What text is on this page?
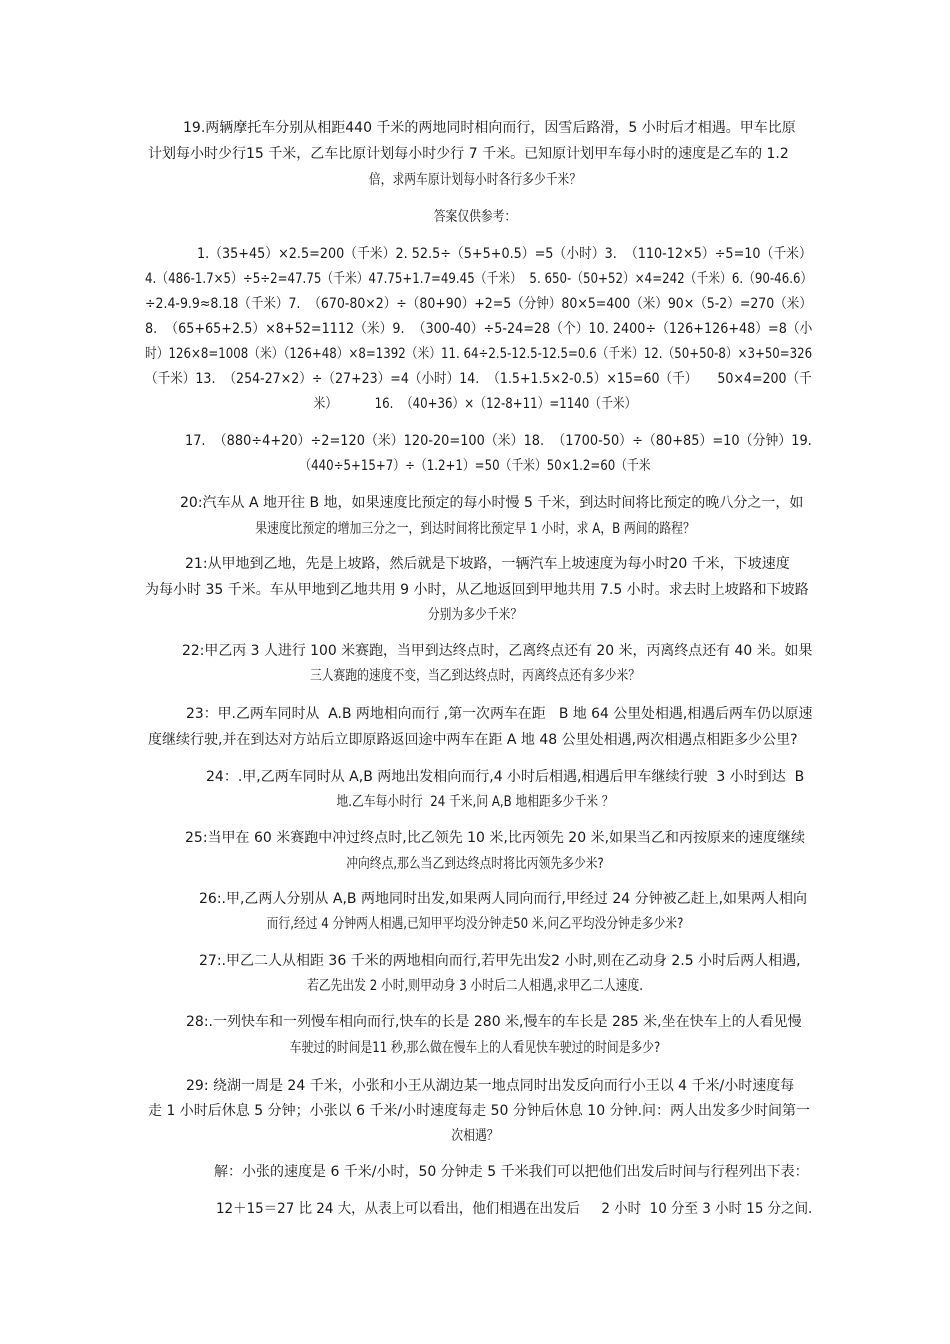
19.两辆摩托车分别从相距440 千米的两地同时相向而行，因雪后路滑，5 小时后才相遇。甲车比原
计划每小时少行15 千米，乙车比原计划每小时少行 7 千米。已知原计划甲车每小时的速度是乙车的 1.2
倍，求两车原计划每小时各行多少千米？
答案仅供参考：
1.（35+45）×2.5=200（千米）2. 52.5÷（5+5+0.5）=5（小时）3.  （110-12×5）÷5=10（千米）
4.（486-1.7×5）÷5÷2=47.75（千米）47.75+1.7=49.45（千米）  5. 650-（50+52）×4=242（千米）6.（90-46.6）
÷2.4-9.9≈8.18（千米）7.  （670-80×2）÷（80+90）+2=5（分钟）80×5=400（米）90×（5-2）=270（米）
8.  （65+65+2.5）×8+52=1112（米）9.  （300-40）÷5-24=28（个）10. 2400÷（126+126+48）=8（小
时）126×8=1008（米）（126+48）×8=1392（米）11. 64÷2.5-12.5-12.5=0.6（千米）12.（50+50-8）×3+50=326
（千米）13.  （254-27×2）÷（27+23）=4（小时）14.  （1.5+1.5×2-0.5）×15=60（千）     50×4=200（千
米）          16.  （40+36）×（12-8+11）=1140（千米）
17.  （880÷4+20）÷2=120（米）120-20=100（米）18.  （1700-50）÷（80+85）=10（分钟）19.
（440÷5+15+7）÷（1.2+1）=50（千米）50×1.2=60（千米
20:汽车从 A 地开往 B 地，如果速度比预定的每小时慢 5 千米，到达时间将比预定的晚八分之一，如
果速度比预定的增加三分之一，到达时间将比预定早 1 小时，求 A，B 两间的路程？
21:从甲地到乙地，先是上坡路，然后就是下坡路，一辆汽车上坡速度为每小时20 千米，下坡速度
为每小时 35 千米。车从甲地到乙地共用 9 小时，从乙地返回到甲地共用 7.5 小时。求去时上坡路和下坡路
分别为多少千米？
22:甲乙丙 3 人进行 100 米赛跑，当甲到达终点时，乙离终点还有 20 米，丙离终点还有 40 米。如果
三人赛跑的速度不变，当乙到达终点时，丙离终点还有多少米？
23：甲.乙两车同时从  A.B 两地相向而行 ,第一次两车在距   B 地 64 公里处相遇,相遇后两车仍以原速
度继续行驶,并在到达对方站后立即原路返回途中两车在距 A 地 48 公里处相遇,两次相遇点相距多少公里?
24：.甲,乙两车同时从 A,B 两地出发相向而行,4 小时后相遇,相遇后甲车继续行驶  3 小时到达  B
地.乙车每小时行  24 千米,问 A,B 地相距多少千米 ？
25:当甲在 60 米赛跑中冲过终点时,比乙领先 10 米,比丙领先 20 米,如果当乙和丙按原来的速度继续
冲向终点,那么当乙到达终点时将比丙领先多少米?
26:.甲,乙两人分别从 A,B 两地同时出发,如果两人同向而行,甲经过 24 分钟被乙赶上,如果两人相向
而行,经过 4 分钟两人相遇,已知甲平均没分钟走50 米,问乙平均没分钟走多少米?
27:.甲乙二人从相距 36 千米的两地相向而行,若甲先出发2 小时,则在乙动身 2.5 小时后两人相遇,
若乙先出发 2 小时,则甲动身 3 小时后二人相遇,求甲乙二人速度.
28:.一列快车和一列慢车相向而行,快车的长是 280 米,慢车的车长是 285 米,坐在快车上的人看见慢
车驶过的时间是11 秒,那么做在慢车上的人看见快车驶过的时间是多少?
29: 绕湖一周是 24 千米，小张和小王从湖边某一地点同时出发反向而行小王以 4 千米/小时速度每
走 1 小时后休息 5 分钟；小张以 6 千米/小时速度每走 50 分钟后休息 10 分钟.问：两人出发多少时间第一
次相遇？
解：小张的速度是 6 千米/小时，50 分钟走 5 千米我们可以把他们出发后时间与行程列出下表：
12＋15＝27 比 24 大，从表上可以看出，他们相遇在出发后     2 小时  10 分至 3 小时 15 分之间.
